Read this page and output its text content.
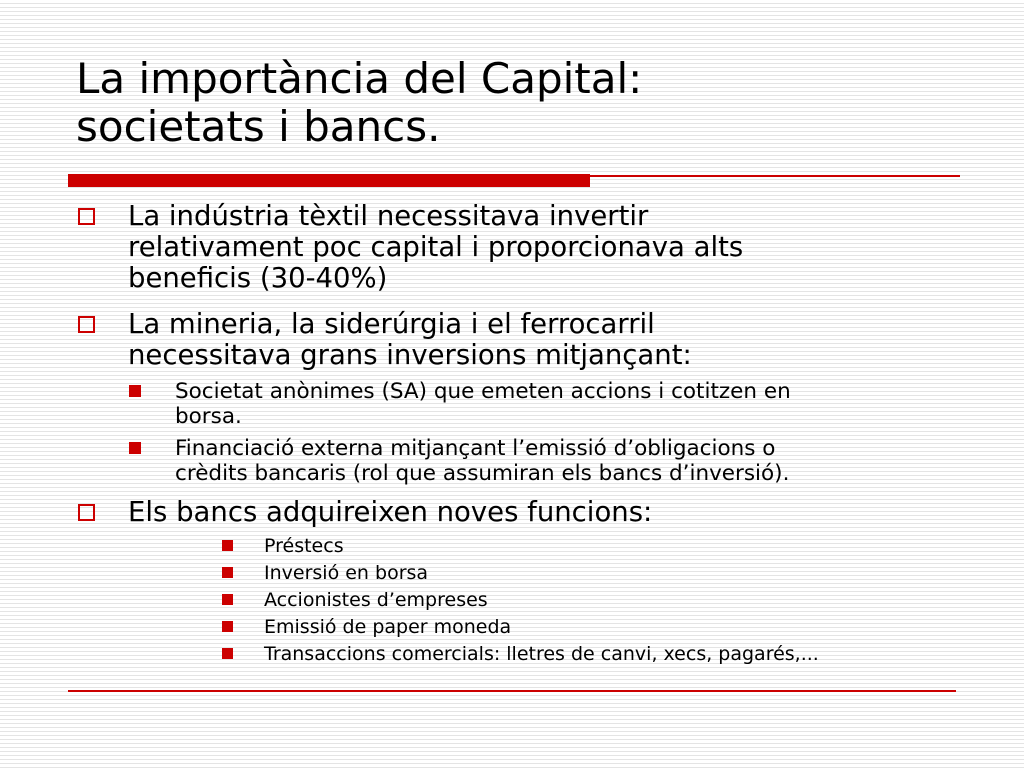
La importància del Capital:
societats i bancs.
La indústria tèxtil necessitava invertir
relativament poc capital i proporcionava alts
beneficis (30-40%)
La mineria, la siderúrgia i el ferrocarril
necessitava grans inversions mitjançant:
Societat anònimes (SA) que emeten accions i cotitzen en
borsa.
Financiació externa mitjançant l’emissió d’obligacions o
crèdits bancaris (rol que assumiran els bancs d’inversió).
Els bancs adquireixen noves funcions:
Préstecs
Inversió en borsa
Accionistes d’empreses
Emissió de paper moneda
Transaccions comercials: lletres de canvi, xecs, pagarés,...
